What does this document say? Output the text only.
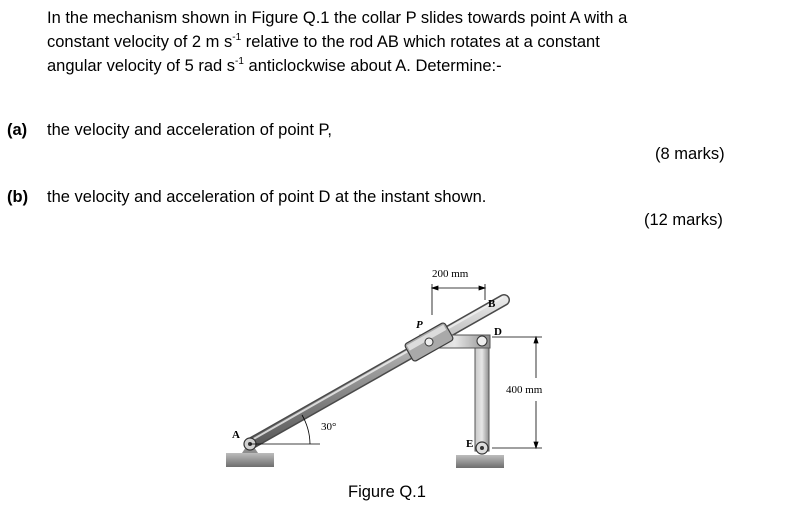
In the mechanism shown in Figure Q.1 the collar P slides towards point A with a
constant velocity of 2 m $s^{-1}$ relative to the rod AB which rotates at a constant
angular velocity of 5 rad $s^{-1}$ anticlockwise about A. Determine:-
(a) the velocity and acceleration of point P,
(8 marks)
(b) the velocity and acceleration of point D at the instant shown.
(12 marks)
200 mm
400 mm
30°
A
B
D
E
P
Figure Q.1
